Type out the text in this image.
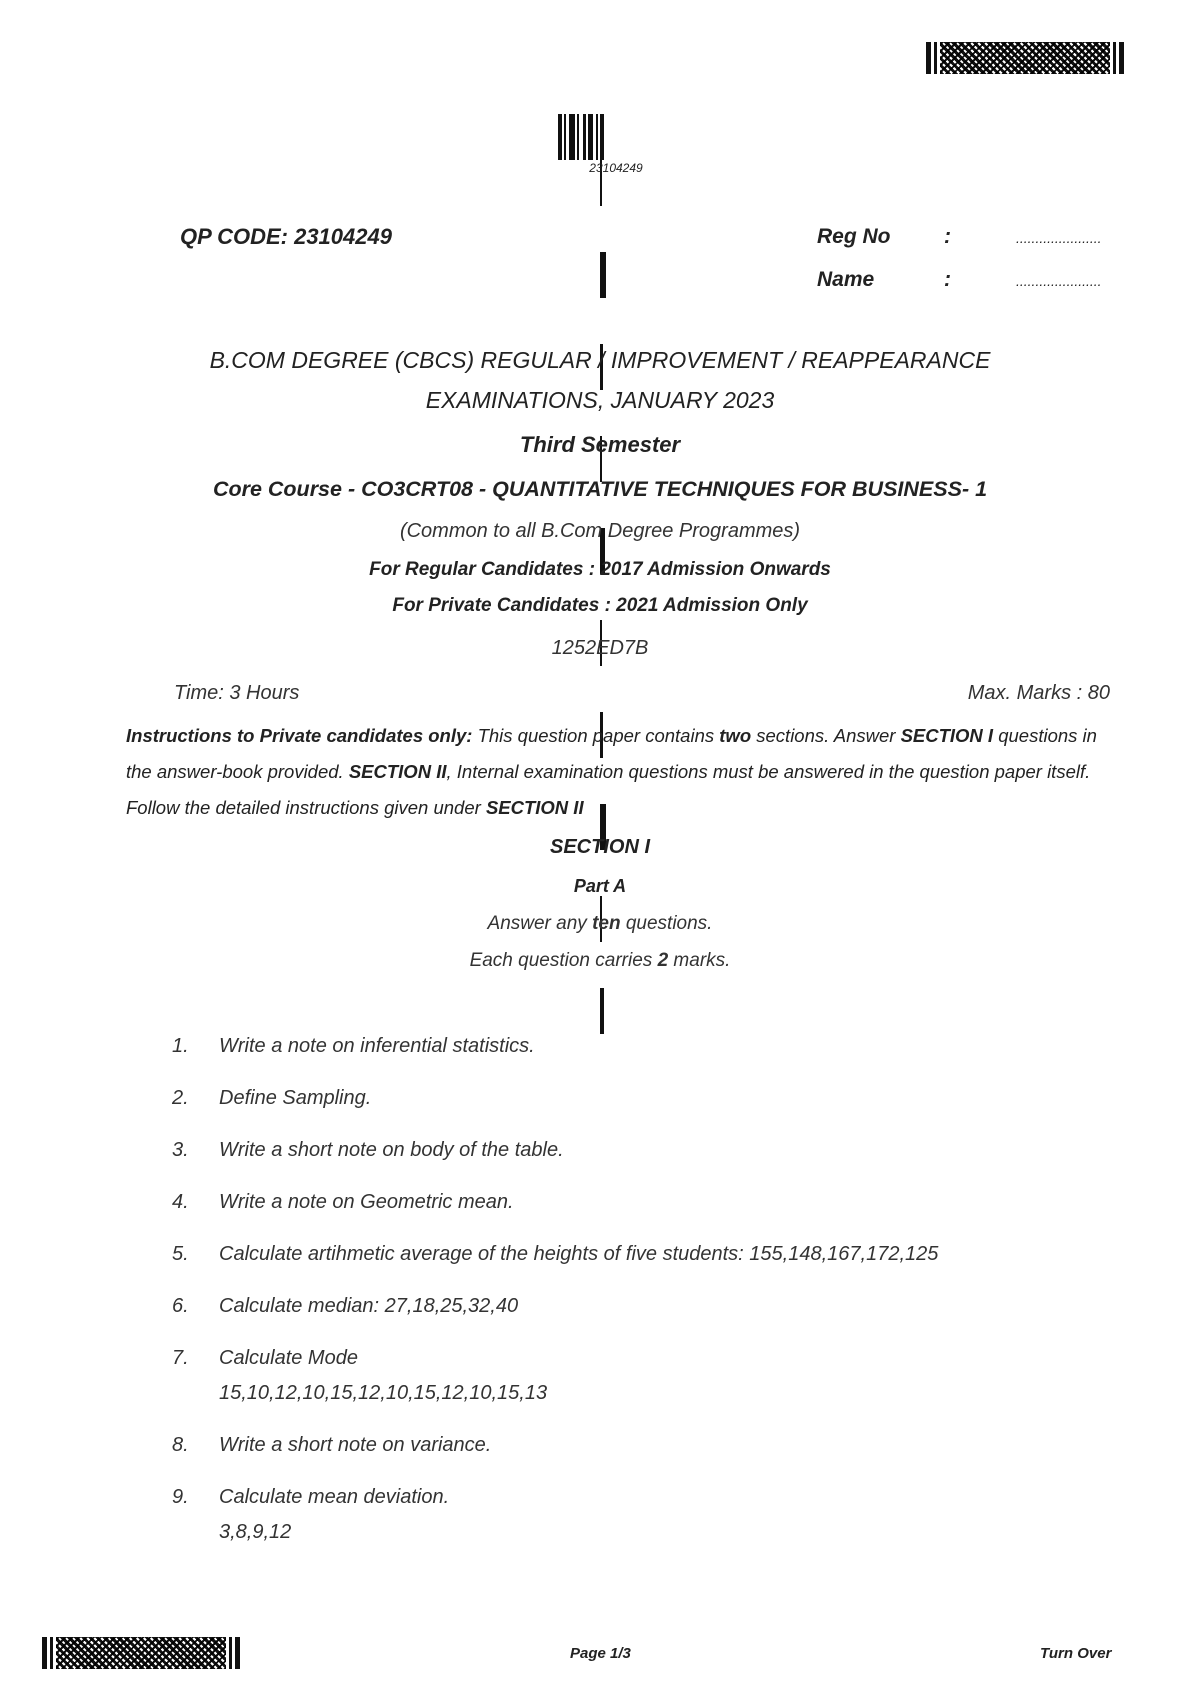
23104249
QP CODE: 23104249	Reg No	:	......................
Name	:	......................
B.COM DEGREE (CBCS) REGULAR / IMPROVEMENT / REAPPEARANCE
EXAMINATIONS, JANUARY 2023
Third Semester
Core Course - CO3CRT08 - QUANTITATIVE TECHNIQUES FOR BUSINESS- 1
(Common to all B.Com Degree Programmes)
For Regular Candidates : 2017 Admission Onwards
For Private Candidates : 2021 Admission Only
1252ED7B
Time: 3 Hours	Max. Marks : 80
Instructions to Private candidates only: This question paper contains two sections. Answer SECTION I questions in the answer-book provided. SECTION II, Internal examination questions must be answered in the question paper itself. Follow the detailed instructions given under SECTION II
SECTION I
Part A
Answer any ten questions.
Each question carries 2 marks.
1. Write a note on inferential statistics.
2. Define Sampling.
3. Write a short note on body of the table.
4. Write a note on Geometric mean.
5. Calculate artihmetic average of the heights of five students: 155,148,167,172,125
6. Calculate median: 27,18,25,32,40
7. Calculate Mode
15,10,12,10,15,12,10,15,12,10,15,13
8. Write a short note on variance.
9. Calculate mean deviation.
3,8,9,12
Page 1/3	Turn Over
